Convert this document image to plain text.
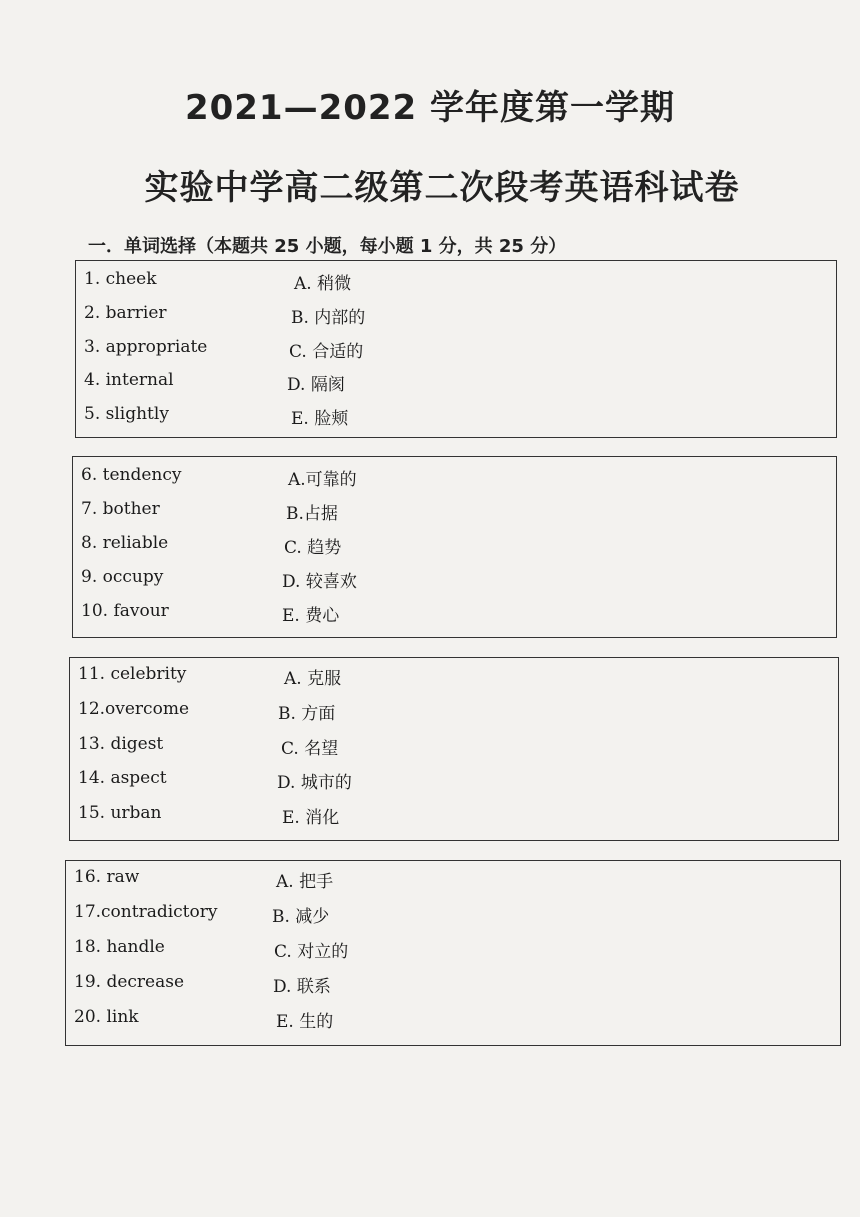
2021—2022 学年度第一学期
实验中学高二级第二次段考英语科试卷
一．单词选择（本题共 25 小题，每小题 1 分，共 25 分）
1. cheek	A. 稍微
2. barrier	B. 内部的
3. appropriate	C. 合适的
4. internal	D. 隔阂
5. slightly	E. 脸颊
6. tendency	A.可靠的
7. bother	B.占据
8. reliable	C. 趋势
9. occupy	D. 较喜欢
10. favour	E. 费心
11. celebrity	A. 克服
12.overcome	B. 方面
13. digest	C. 名望
14. aspect	D. 城市的
15. urban	E. 消化
16. raw	A. 把手
17.contradictory	B. 减少
18. handle	C. 对立的
19. decrease	D. 联系
20. link	E. 生的
